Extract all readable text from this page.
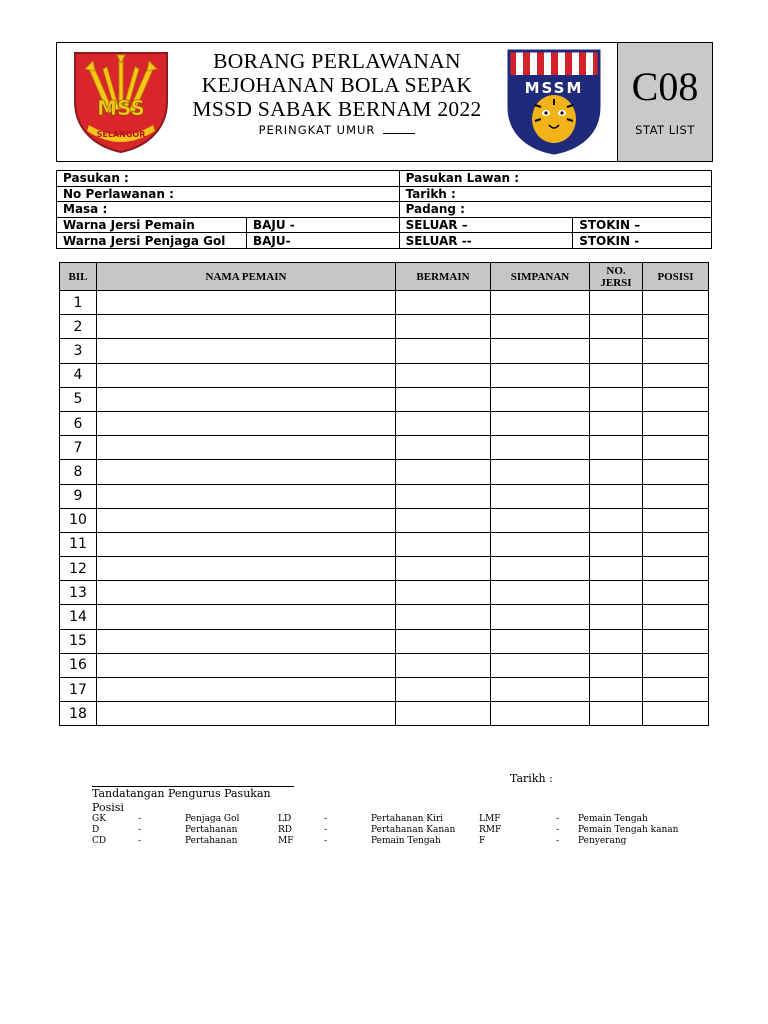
MSS
SELANGOR
BORANG PERLAWANAN
KEJOHANAN BOLA SEPAK
MSSD SABAK BERNAM 2022
PERINGKAT UMUR
MSSM	C08
STAT LIST
Pasukan :		Pasukan Lawan :	
No Perlawanan :		Tarikh :	
Masa :		Padang :	
Warna Jersi Pemain	BAJU -	SELUAR –	STOKIN –
Warna Jersi Penjaga Gol	BAJU-	SELUAR --	STOKIN -
BIL	NAMA PEMAIN	BERMAIN	SIMPANAN	NO. JERSI	POSISI
1					
2					
3					
4					
5					
6					
7					
8					
9					
10					
11					
12					
13					
14					
15					
16					
17					
18					
Tandatangan Pengurus Pasukan
Tarikh :
Posisi
GK	-	Penjaga Gol	LD	-	Pertahanan Kiri	LMF	- Pemain Tengah
D	-	Pertahanan	RD	-	Pertahanan Kanan	RMF	- Pemain Tengah kanan
CD	-	Pertahanan	MF	-	Pemain Tengah	F	- Penyerang
